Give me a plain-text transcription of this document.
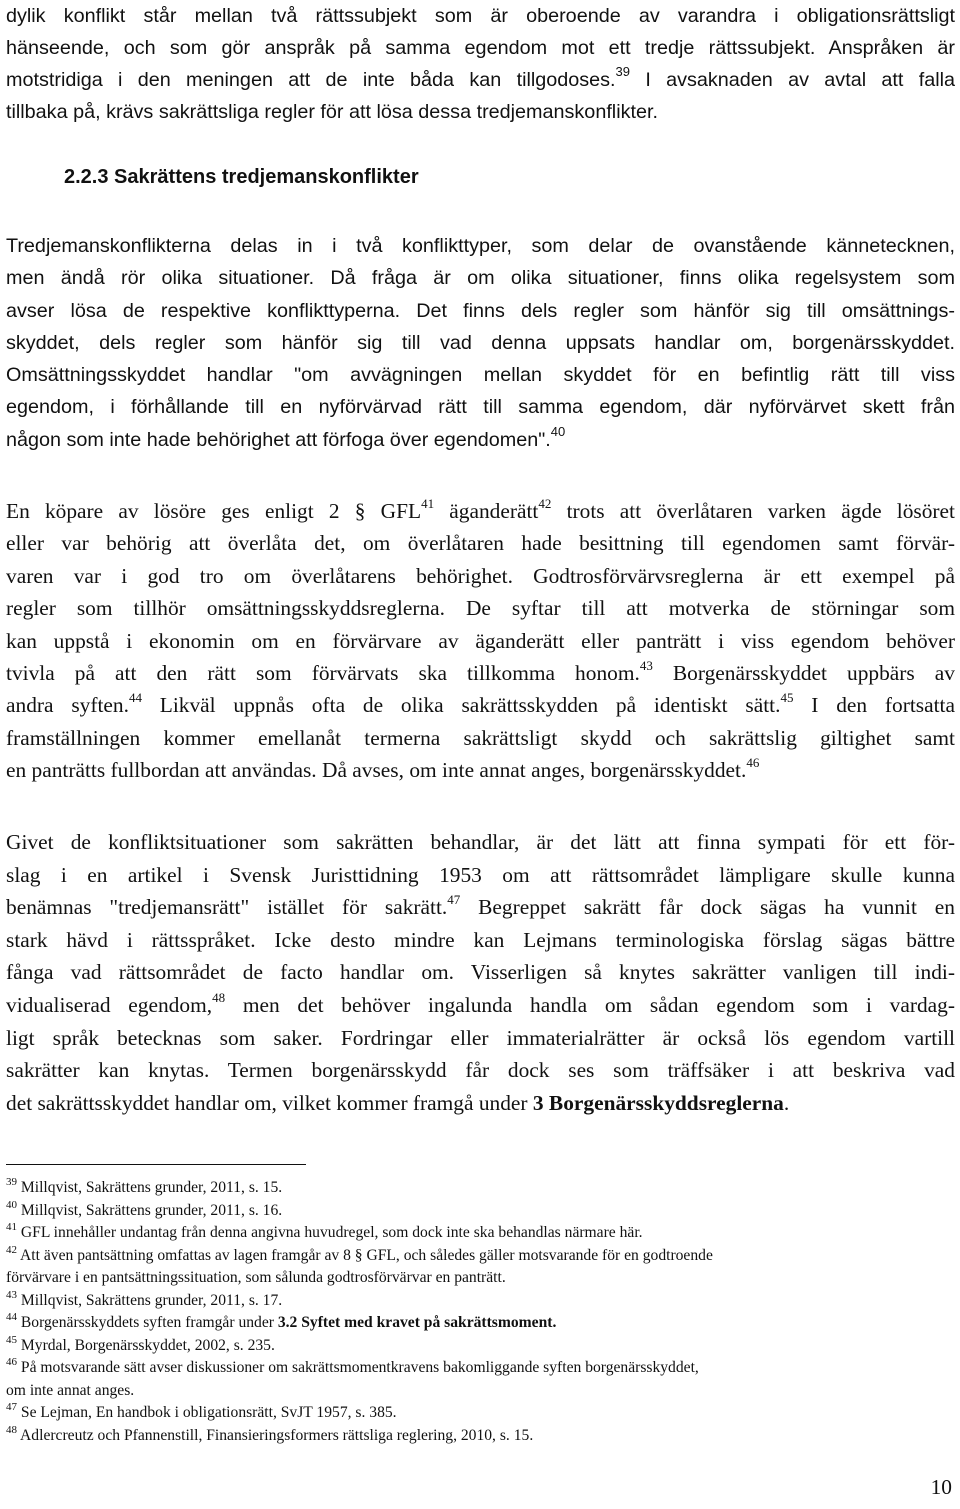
dylik konflikt står mellan två rättssubjekt som är oberoende av varandra i obligationsrättsligt
hänseende, och som gör anspråk på samma egendom mot ett tredje rättssubjekt. Anspråken är
motstridiga i den meningen att de inte båda kan tillgodoses.$^{39}$ I avsaknaden av avtal att falla
tillbaka på, krävs sakrättsliga regler för att lösa dessa tredjemanskonflikter.
2.2.3 Sakrättens tredjemanskonflikter
Tredjemanskonflikterna delas in i två konflikttyper, som delar de ovanstående kännetecknen,
men ändå rör olika situationer. Då fråga är om olika situationer, finns olika regelsystem som
avser lösa de respektive konflikttyperna. Det finns dels regler som hänför sig till omsättnings-
skyddet, dels regler som hänför sig till vad denna uppsats handlar om, borgenärsskyddet.
Omsättningsskyddet handlar "om avvägningen mellan skyddet för en befintlig rätt till viss
egendom, i förhållande till en nyförvärvad rätt till samma egendom, där nyförvärvet skett från
någon som inte hade behörighet att förfoga över egendomen".$^{40}$
En köpare av lösöre ges enligt 2 § GFL$^{41}$ äganderätt$^{42}$ trots att överlåtaren varken ägde lösöret
eller var behörig att överlåta det, om överlåtaren hade besittning till egendomen samt förvär-
varen var i god tro om överlåtarens behörighet. Godtrosförvärvsreglerna är ett exempel på
regler som tillhör omsättningsskyddsreglerna. De syftar till att motverka de störningar som
kan uppstå i ekonomin om en förvärvare av äganderätt eller panträtt i viss egendom behöver
tvivla på att den rätt som förvärvats ska tillkomma honom.$^{43}$ Borgenärsskyddet uppbärs av
andra syften.$^{44}$ Likväl uppnås ofta de olika sakrättsskydden på identiskt sätt.$^{45}$ I den fortsatta
framställningen kommer emellanåt termerna sakrättsligt skydd och sakrättslig giltighet samt
en panträtts fullbordan att användas. Då avses, om inte annat anges, borgenärsskyddet.$^{46}$
Givet de konfliktsituationer som sakrätten behandlar, är det lätt att finna sympati för ett för-
slag i en artikel i Svensk Juristtidning 1953 om att rättsområdet lämpligare skulle kunna
benämnas "tredjemansrätt" istället för sakrätt.$^{47}$ Begreppet sakrätt får dock sägas ha vunnit en
stark hävd i rättsspråket. Icke desto mindre kan Lejmans terminologiska förslag sägas bättre
fånga vad rättsområdet de facto handlar om. Visserligen så knytes sakrätter vanligen till indi-
vidualiserad egendom,$^{48}$ men det behöver ingalunda handla om sådan egendom som i vardag-
ligt språk betecknas som saker. Fordringar eller immaterialrätter är också lös egendom vartill
sakrätter kan knytas. Termen borgenärsskydd får dock ses som träffsäker i att beskriva vad
det sakrättsskyddet handlar om, vilket kommer framgå under 3 Borgenärsskyddsreglerna.
$^{39}$ Millqvist, Sakrättens grunder, 2011, s. 15.
$^{40}$ Millqvist, Sakrättens grunder, 2011, s. 16.
$^{41}$ GFL innehåller undantag från denna angivna huvudregel, som dock inte ska behandlas närmare här.
$^{42}$ Att även pantsättning omfattas av lagen framgår av 8 § GFL, och således gäller motsvarande för en godtroende
förvärvare i en pantsättningssituation, som sålunda godtrosförvärvar en panträtt.
$^{43}$ Millqvist, Sakrättens grunder, 2011, s. 17.
$^{44}$ Borgenärsskyddets syften framgår under 3.2 Syftet med kravet på sakrättsmoment.
$^{45}$ Myrdal, Borgenärsskyddet, 2002, s. 235.
$^{46}$ På motsvarande sätt avser diskussioner om sakrättsmomentkravens bakomliggande syften borgenärsskyddet,
om inte annat anges.
$^{47}$ Se Lejman, En handbok i obligationsrätt, SvJT 1957, s. 385.
$^{48}$ Adlercreutz och Pfannenstill, Finansieringsformers rättsliga reglering, 2010, s. 15.
10
